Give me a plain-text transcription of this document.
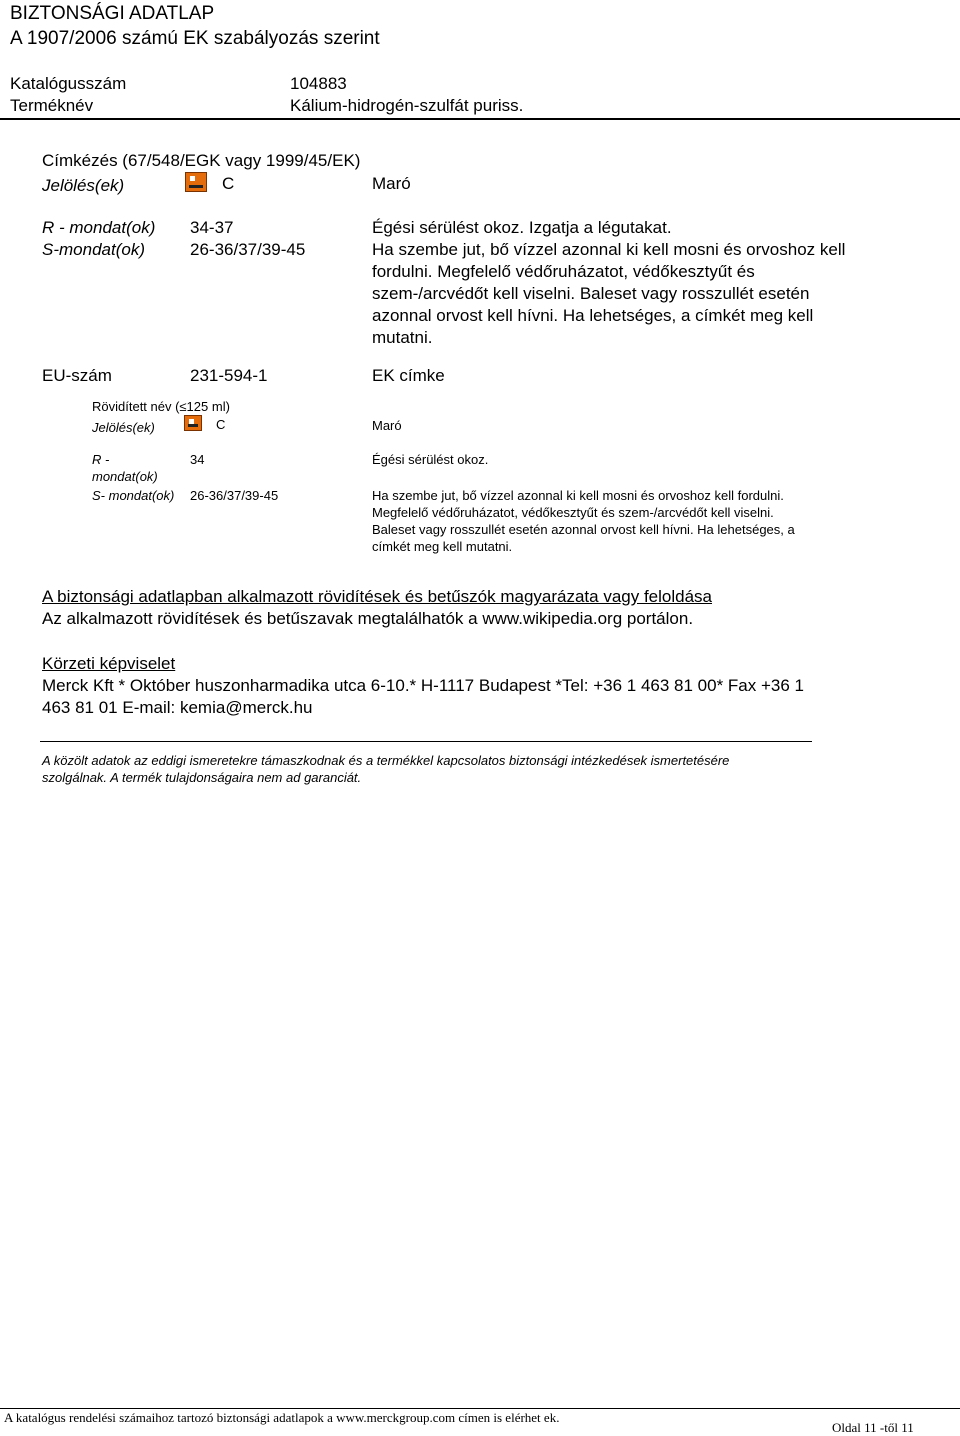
BIZTONSÁGI ADATLAP
A 1907/2006 számú EK szabályozás szerint
Katalógusszám	104883
Terméknév	Kálium-hidrogén-szulfát puriss.
Címkézés (67/548/EGK vagy 1999/45/EK)
Jelölés(ek)	C	Maró
R - mondat(ok) 34-37	Égési sérülést okoz. Izgatja a légutakat.
S-mondat(ok)	26-36/37/39-45	Ha szembe jut, bő vízzel azonnal ki kell mosni és orvoshoz kell fordulni. Megfelelő védőruházatot, védőkesztyűt és szem-/arcvédőt kell viselni. Baleset vagy rosszullét esetén azonnal orvost kell hívni. Ha lehetséges, a címkét meg kell mutatni.
EU-szám	231-594-1	EK címke
Rövidített név (≤125 ml)
Jelölés(ek)	C	Maró
R - mondat(ok)
34	Égési sérülést okoz.
S- mondat(ok) 26-36/37/39-45	Ha szembe jut, bő vízzel azonnal ki kell mosni és orvoshoz kell fordulni. Megfelelő védőruházatot, védőkesztyűt és szem-/arcvédőt kell viselni. Baleset vagy rosszullét esetén azonnal orvost kell hívni. Ha lehetséges, a címkét meg kell mutatni.
A biztonsági adatlapban alkalmazott rövidítések és betűszók magyarázata vagy feloldása
Az alkalmazott rövidítések és betűszavak megtalálhatók a www.wikipedia.org portálon.
Körzeti képviselet
Merck Kft * Október huszonharmadika utca 6-10.* H-1117 Budapest *Tel: +36 1 463 81 00* Fax +36 1 463 81 01 E-mail: kemia@merck.hu
A közölt adatok az eddigi ismeretekre támaszkodnak és a termékkel kapcsolatos biztonsági intézkedések ismertetésére szolgálnak. A termék tulajdonságaira nem ad garanciát.
A katalógus rendelési számaihoz tartozó biztonsági adatlapok a www.merckgroup.com címen is elérhet ek.
Oldal 11 -től 11
